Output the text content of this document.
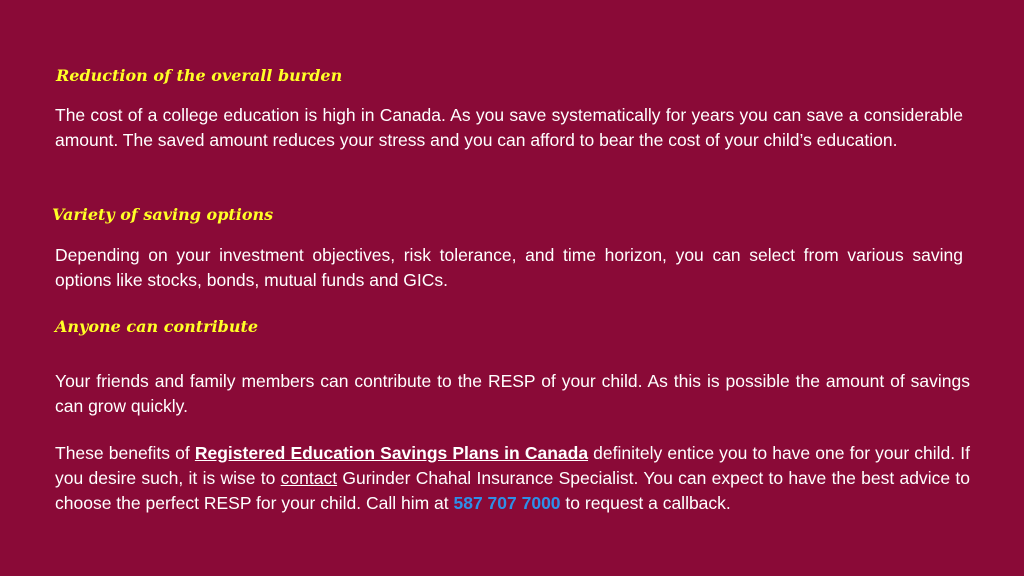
Reduction of the overall burden

The cost of a college education is high in Canada. As you save systematically for years you can save a considerable amount. The saved amount reduces your stress and you can afford to bear the cost of your child’s education.

Variety of saving options

Depending on your investment objectives, risk tolerance, and time horizon, you can select from various saving options like stocks, bonds, mutual funds and GICs.

Anyone can contribute

Your friends and family members can contribute to the RESP of your child. As this is possible the amount of savings can grow quickly.

These benefits of Registered Education Savings Plans in Canada definitely entice you to have one for your child. If you desire such, it is wise to contact Gurinder Chahal Insurance Specialist. You can expect to have the best advice to choose the perfect RESP for your child. Call him at 587 707 7000 to request a callback.
